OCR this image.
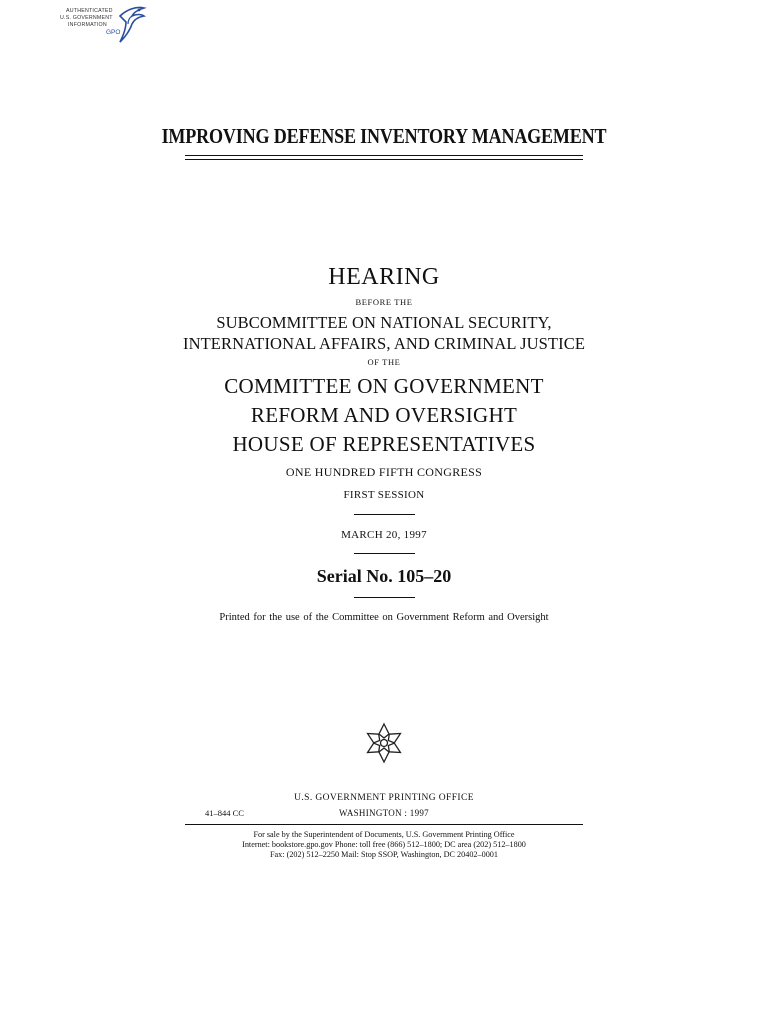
AUTHENTICATED
U.S. GOVERNMENT
INFORMATION
GPO
IMPROVING DEFENSE INVENTORY MANAGEMENT
HEARING
BEFORE THE
SUBCOMMITTEE ON NATIONAL SECURITY,
INTERNATIONAL AFFAIRS, AND CRIMINAL JUSTICE
OF THE
COMMITTEE ON GOVERNMENT
REFORM AND OVERSIGHT
HOUSE OF REPRESENTATIVES
ONE HUNDRED FIFTH CONGRESS
FIRST SESSION
MARCH 20, 1997
Serial No. 105–20
Printed for the use of the Committee on Government Reform and Oversight
U.S. GOVERNMENT PRINTING OFFICE
41–844 CC	WASHINGTON : 1997
For sale by the Superintendent of Documents, U.S. Government Printing Office
Internet: bookstore.gpo.gov Phone: toll free (866) 512–1800; DC area (202) 512–1800
Fax: (202) 512–2250 Mail: Stop SSOP, Washington, DC 20402–0001
